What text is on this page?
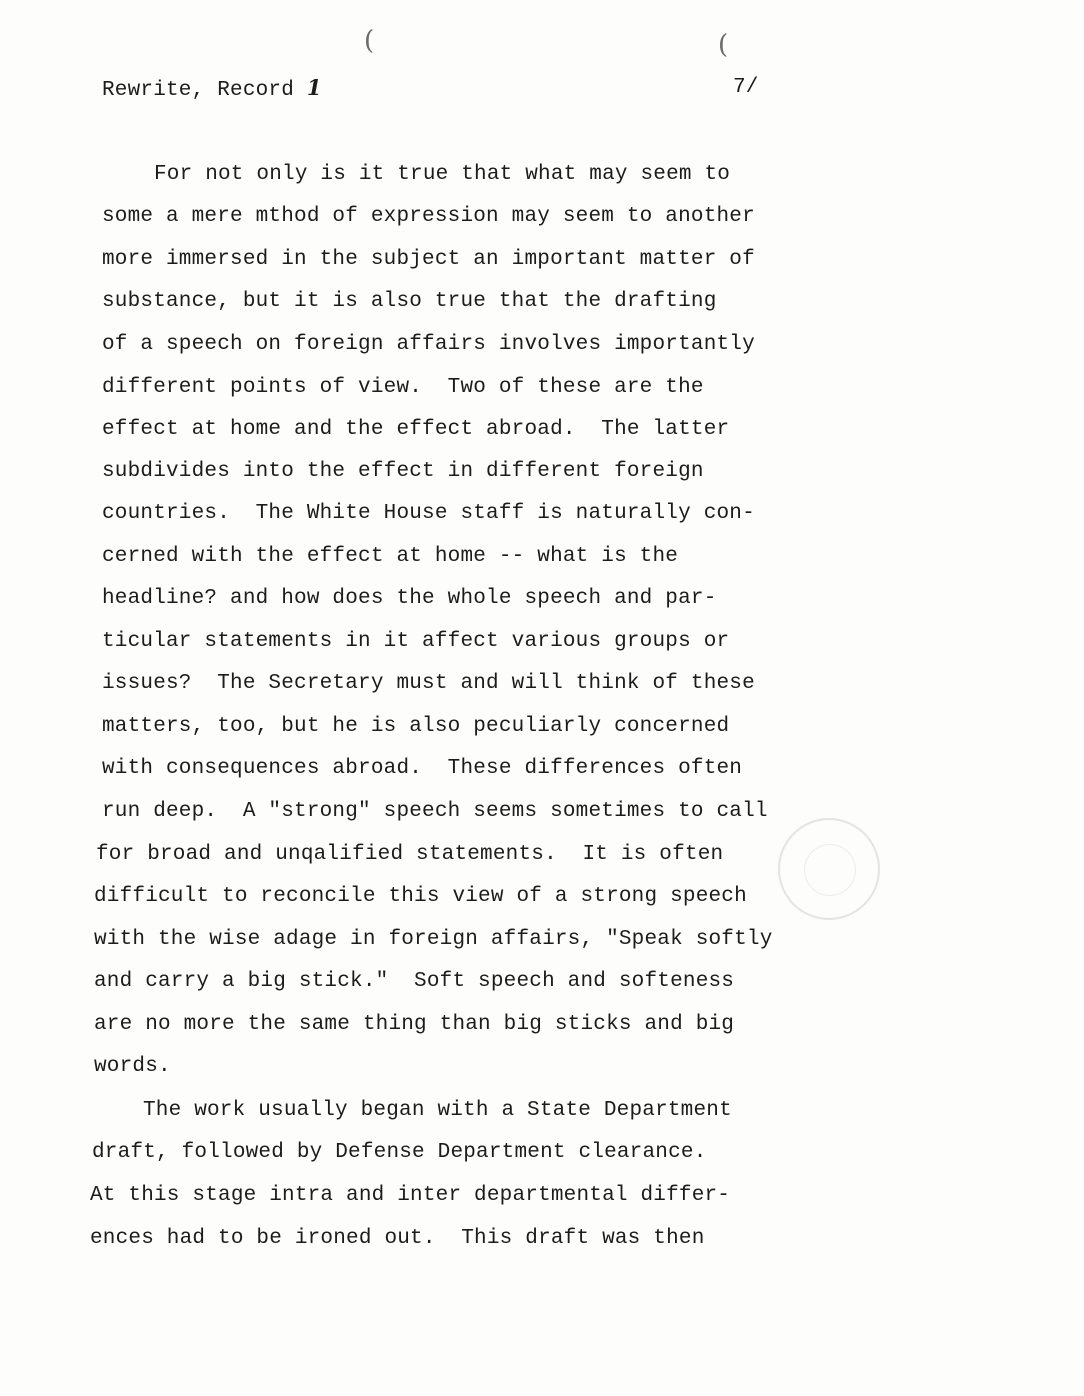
(	(
Rewrite, Record 1	7/
For not only is it true that what may seem to
some a mere mthod of expression may seem to another
more immersed in the subject an important matter of
substance, but it is also true that the drafting
of a speech on foreign affairs involves importantly
different points of view.  Two of these are the
effect at home and the effect abroad.  The latter
subdivides into the effect in different foreign
countries.  The White House staff is naturally con-
cerned with the effect at home -- what is the
headline? and how does the whole speech and par-
ticular statements in it affect various groups or
issues?  The Secretary must and will think of these
matters, too, but he is also peculiarly concerned
with consequences abroad.  These differences often
run deep.  A "strong" speech seems sometimes to call
for broad and unqalified statements.  It is often
difficult to reconcile this view of a strong speech
with the wise adage in foreign affairs, "Speak softly
and carry a big stick."  Soft speech and softeness
are no more the same thing than big sticks and big
words.
The work usually began with a State Department
draft, followed by Defense Department clearance.
At this stage intra and inter departmental differ-
ences had to be ironed out.  This draft was then
